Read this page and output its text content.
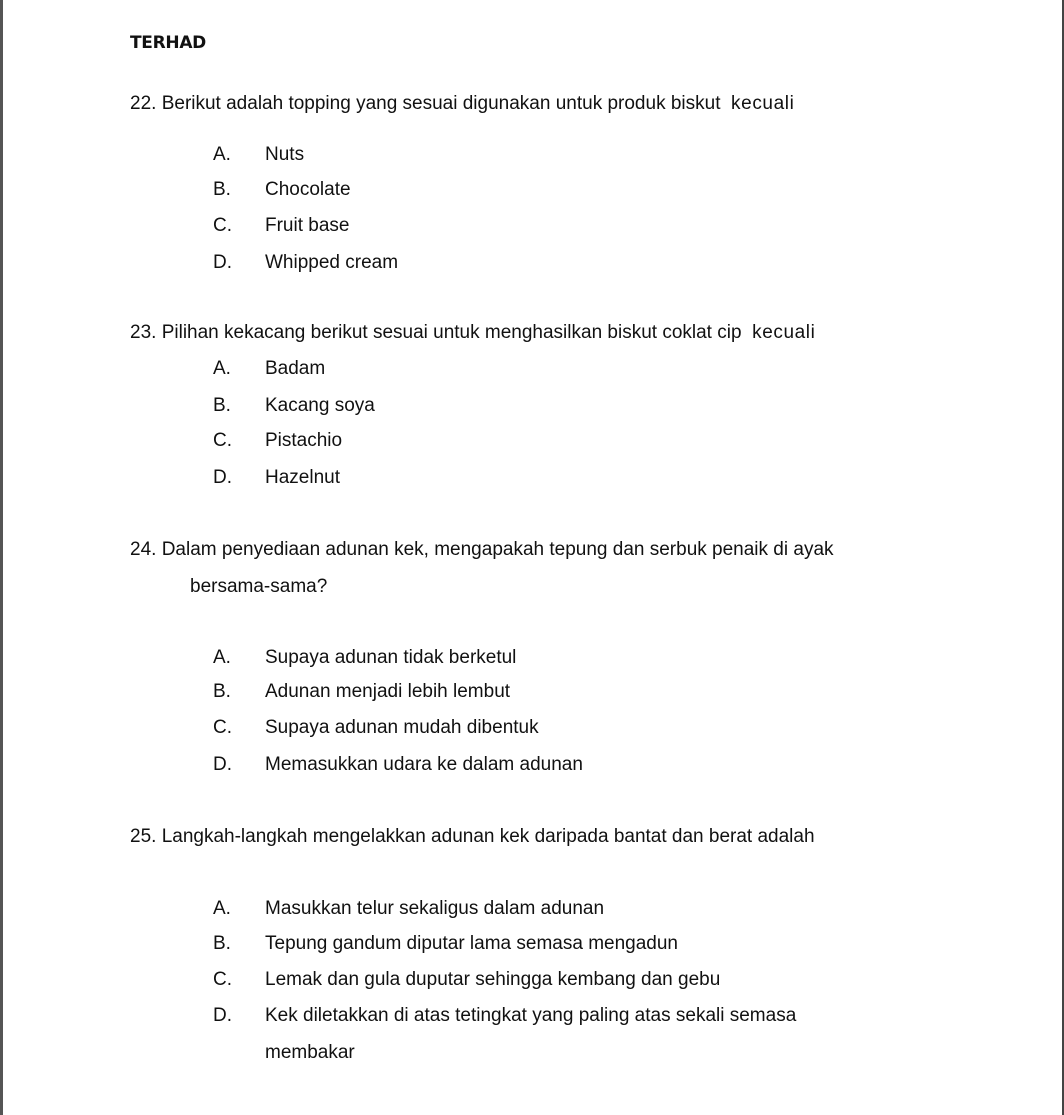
TERHAD
22. Berikut adalah topping yang sesuai digunakan untuk produk biskut kecuali
A. Nuts
B. Chocolate
C. Fruit base
D. Whipped cream
23. Pilihan kekacang berikut sesuai untuk menghasilkan biskut coklat cip kecuali
A. Badam
B. Kacang soya
C. Pistachio
D. Hazelnut
24. Dalam penyediaan adunan kek, mengapakah tepung dan serbuk penaik di ayak
bersama-sama?
A. Supaya adunan tidak berketul
B. Adunan menjadi lebih lembut
C. Supaya adunan mudah dibentuk
D. Memasukkan udara ke dalam adunan
25. Langkah-langkah mengelakkan adunan kek daripada bantat dan berat adalah
A. Masukkan telur sekaligus dalam adunan
B. Tepung gandum diputar lama semasa mengadun
C. Lemak dan gula duputar sehingga kembang dan gebu
D. Kek diletakkan di atas tetingkat yang paling atas sekali semasa
membakar
